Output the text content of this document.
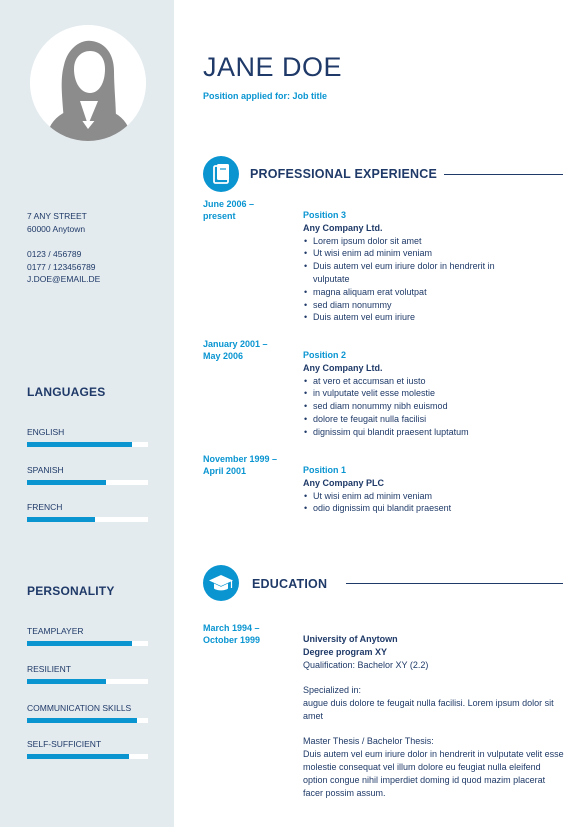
7 ANY STREET
60000 Anytown
0123 / 456789
0177 / 123456789
J.DOE@EMAIL.DE
LANGUAGES
ENGLISH
SPANISH
FRENCH
PERSONALITY
TEAMPLAYER
RESILIENT
COMMUNICATION SKILLS
SELF-SUFFICIENT
JANE DOE
Position applied for: Job title
PROFESSIONAL EXPERIENCE
June 2006 –
present	Position 3
Any Company Ltd.
• Lorem ipsum dolor sit amet
• Ut wisi enim ad minim veniam
• Duis autem vel eum iriure dolor in hendrerit in vulputate
• magna aliquam erat volutpat
• sed diam nonummy
• Duis autem vel eum iriure
January 2001 –
May 2006	Position 2
Any Company Ltd.
• at vero et accumsan et iusto
• in vulputate velit esse molestie
• sed diam nonummy nibh euismod
• dolore te feugait nulla facilisi
• dignissim qui blandit praesent luptatum
November 1999 –
April 2001	Position 1
Any Company PLC
• Ut wisi enim ad minim veniam
• odio dignissim qui blandit praesent
EDUCATION
March 1994 –
October 1999	University of Anytown
Degree program XY
Qualification: Bachelor XY (2.2)
Specialized in:
augue duis dolore te feugait nulla facilisi. Lorem ipsum dolor sit amet
Master Thesis / Bachelor Thesis:
Duis autem vel eum iriure dolor in hendrerit in vulputate velit esse molestie consequat vel illum dolore eu feugiat nulla eleifend option congue nihil imperdiet doming id quod mazim placerat facer possim assum.
